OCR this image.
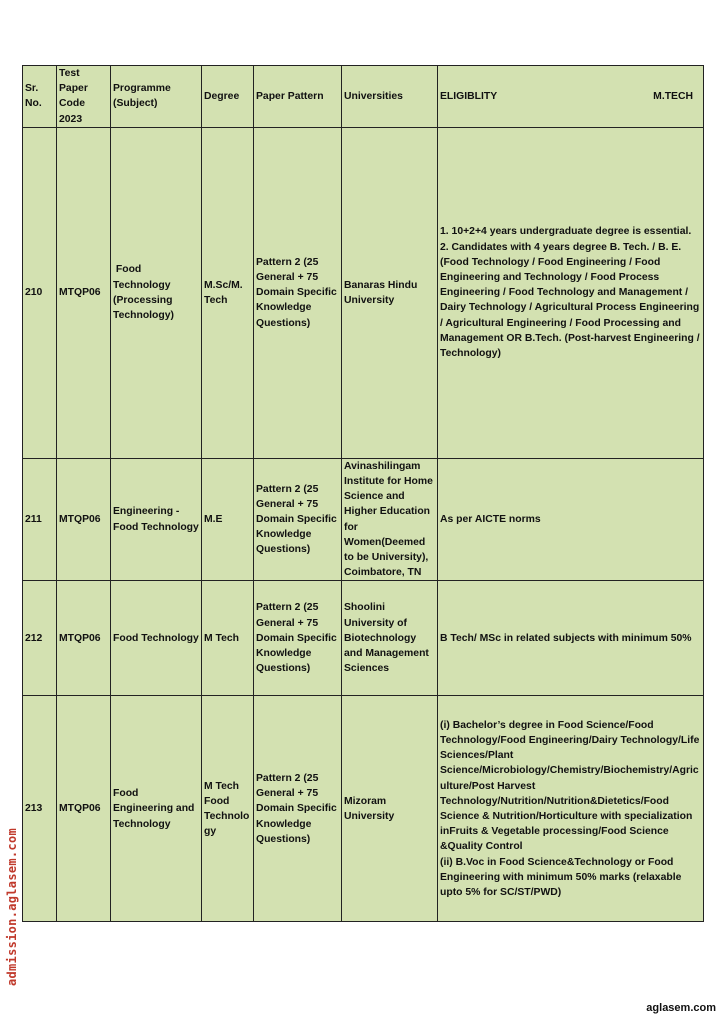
Sr. No.	Test Paper Code 2023	Programme (Subject)	Degree	Paper Pattern	Universities	ELIGIBLITY M.TECH

210	MTQP06	Food Technology (Processing Technology)	M.Sc/M. Tech	Pattern 2 (25 General + 75 Domain Specific Knowledge Questions)	Banaras Hindu University	1. 10+2+4 years undergraduate degree is essential. 2. Candidates with 4 years degree B. Tech. / B. E. (Food Technology / Food Engineering / Food Engineering and Technology / Food Process Engineering / Food Technology and Management / Dairy Technology / Agricultural Process Engineering / Agricultural Engineering / Food Processing and Management OR B.Tech. (Post-harvest Engineering / Technology)
211	MTQP06	Engineering - Food Technology	M.E	Pattern 2 (25 General + 75 Domain Specific Knowledge Questions)	Avinashilingam Institute for Home Science and Higher Education for Women(Deemed to be University), Coimbatore, TN	As per AICTE norms
212	MTQP06	Food Technology	M Tech	Pattern 2 (25 General + 75 Domain Specific Knowledge Questions)	Shoolini University of Biotechnology and Management Sciences	B Tech/ MSc in related subjects with minimum 50%
213	MTQP06	Food Engineering and Technology	M Tech Food Technolo gy	Pattern 2 (25 General + 75 Domain Specific Knowledge Questions)	Mizoram University	(i) Bachelor’s degree in Food Science/Food Technology/Food Engineering/Dairy Technology/Life Sciences/Plant Science/Microbiology/Chemistry/Biochemistry/Agriculture/Post Harvest Technology/Nutrition/Nutrition&Dietetics/Food Science & Nutrition/Horticulture with specialization inFruits & Vegetable processing/Food Science &Quality Control
(ii) B.Voc in Food Science&Technology or Food Engineering with minimum 50% marks (relaxable upto 5% for SC/ST/PWD)
admission.aglasem.com
aglasem.com
